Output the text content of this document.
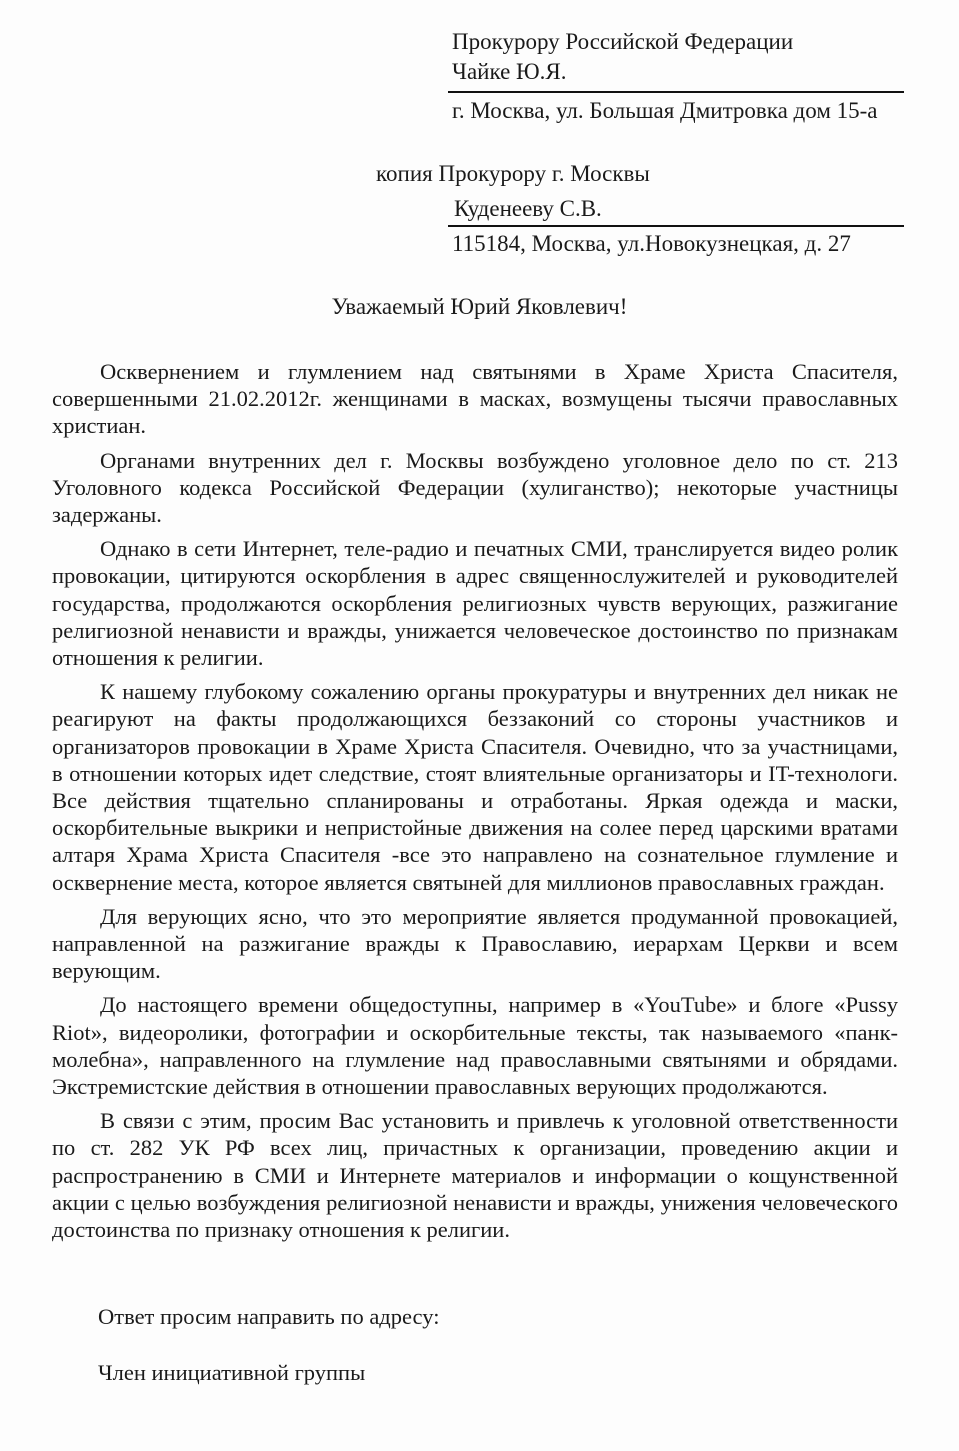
Прокурору Российской Федерации
Чайке Ю.Я.
г. Москва, ул. Большая Дмитровка дом 15-а
копия Прокурору г. Москвы
Куденееву С.В.
115184, Москва, ул.Новокузнецкая, д. 27
Уважаемый Юрий Яковлевич!

Осквернением и глумлением над святынями в Храме Христа Спасителя, совершенными 21.02.2012г. женщинами в масках, возмущены тысячи православных христиан.

Органами внутренних дел г. Москвы возбуждено уголовное дело по ст. 213 Уголовного кодекса Российской Федерации (хулиганство); некоторые участницы задержаны.

Однако в сети Интернет, теле-радио и печатных СМИ, транслируется видео ролик провокации, цитируются оскорбления в адрес священнослужителей и руководителей государства, продолжаются оскорбления религиозных чувств верующих, разжигание религиозной ненависти и вражды, унижается человеческое достоинство по признакам отношения к религии.

К нашему глубокому сожалению органы прокуратуры и внутренних дел никак не реагируют на факты продолжающихся беззаконий со стороны участников и организаторов провокации в Храме Христа Спасителя. Очевидно, что за участницами, в отношении которых идет следствие, стоят влиятельные организаторы и IT-технологи. Все действия тщательно спланированы и отработаны. Яркая одежда и маски, оскорбительные выкрики и непристойные движения на солее перед царскими вратами алтаря Храма Христа Спасителя -все это направлено на сознательное глумление и осквернение места, которое является святыней для миллионов православных граждан.

Для верующих ясно, что это мероприятие является продуманной провокацией, направленной на разжигание вражды к Православию, иерархам Церкви и всем верующим.

До настоящего времени общедоступны, например в «YouTube» и блоге «Pussy Riot», видеоролики, фотографии и оскорбительные тексты, так называемого «панк-молебна», направленного на глумление над православными святынями и обрядами. Экстремистские действия в отношении православных верующих продолжаются.

В связи с этим, просим Вас установить и привлечь к уголовной ответственности по ст. 282 УК РФ всех лиц, причастных к организации, проведению акции и распространению в СМИ и Интернете материалов и информации о кощунственной акции с целью возбуждения религиозной ненависти и вражды, унижения человеческого достоинства по признаку отношения к религии.

Ответ просим направить по адресу:
Член инициативной группы
